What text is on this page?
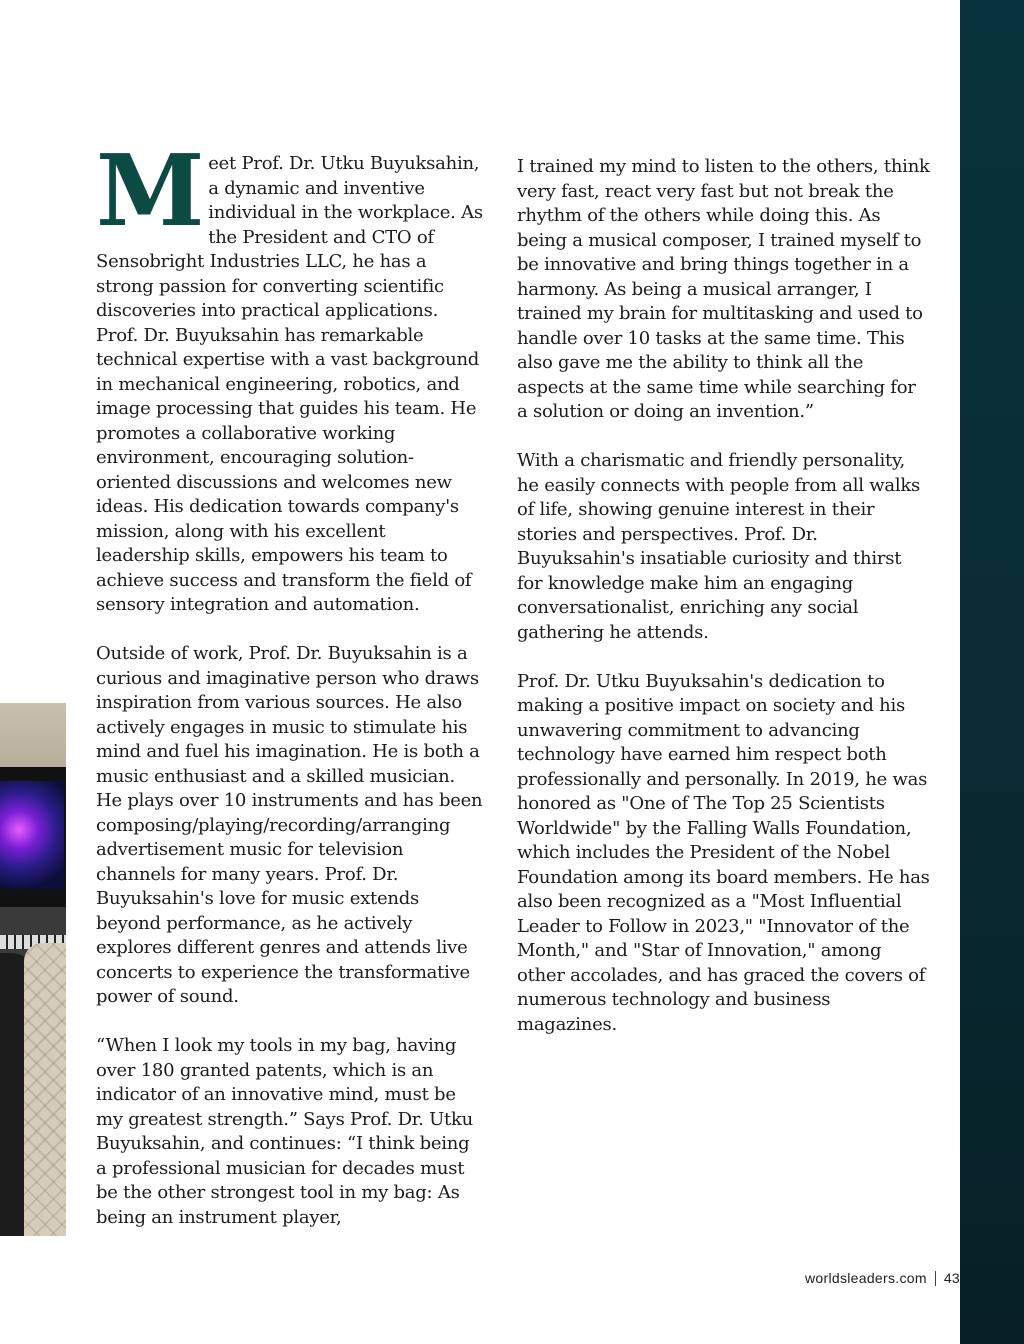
Meet Prof. Dr. Utku Buyuksahin, a dynamic and inventive individual in the workplace. As the President and CTO of Sensobright Industries LLC, he has a strong passion for converting scientific discoveries into practical applications. Prof. Dr. Buyuksahin has remarkable technical expertise with a vast background in mechanical engineering, robotics, and image processing that guides his team. He promotes a collaborative working environment, encouraging solution-oriented discussions and welcomes new ideas. His dedication towards company's mission, along with his excellent leadership skills, empowers his team to achieve success and transform the field of sensory integration and automation.

Outside of work, Prof. Dr. Buyuksahin is a curious and imaginative person who draws inspiration from various sources. He also actively engages in music to stimulate his mind and fuel his imagination. He is both a music enthusiast and a skilled musician. He plays over 10 instruments and has been composing/playing/recording/arranging advertisement music for television channels for many years. Prof. Dr. Buyuksahin's love for music extends beyond performance, as he actively explores different genres and attends live concerts to experience the transformative power of sound.

“When I look my tools in my bag, having over 180 granted patents, which is an indicator of an innovative mind, must be my greatest strength.” Says Prof. Dr. Utku Buyuksahin, and continues: “I think being a professional musician for decades must be the other strongest tool in my bag: As being an instrument player,

I trained my mind to listen to the others, think very fast, react very fast but not break the rhythm of the others while doing this. As being a musical composer, I trained myself to be innovative and bring things together in a harmony. As being a musical arranger, I trained my brain for multitasking and used to handle over 10 tasks at the same time. This also gave me the ability to think all the aspects at the same time while searching for a solution or doing an invention.”

With a charismatic and friendly personality, he easily connects with people from all walks of life, showing genuine interest in their stories and perspectives. Prof. Dr. Buyuksahin's insatiable curiosity and thirst for knowledge make him an engaging conversationalist, enriching any social gathering he attends.

Prof. Dr. Utku Buyuksahin's dedication to making a positive impact on society and his unwavering commitment to advancing technology have earned him respect both professionally and personally. In 2019, he was honored as "One of The Top 25 Scientists Worldwide" by the Falling Walls Foundation, which includes the President of the Nobel Foundation among its board members. He has also been recognized as a "Most Influential Leader to Follow in 2023," "Innovator of the Month," and "Star of Innovation," among other accolades, and has graced the covers of numerous technology and business magazines.

worldsleaders.com 43
